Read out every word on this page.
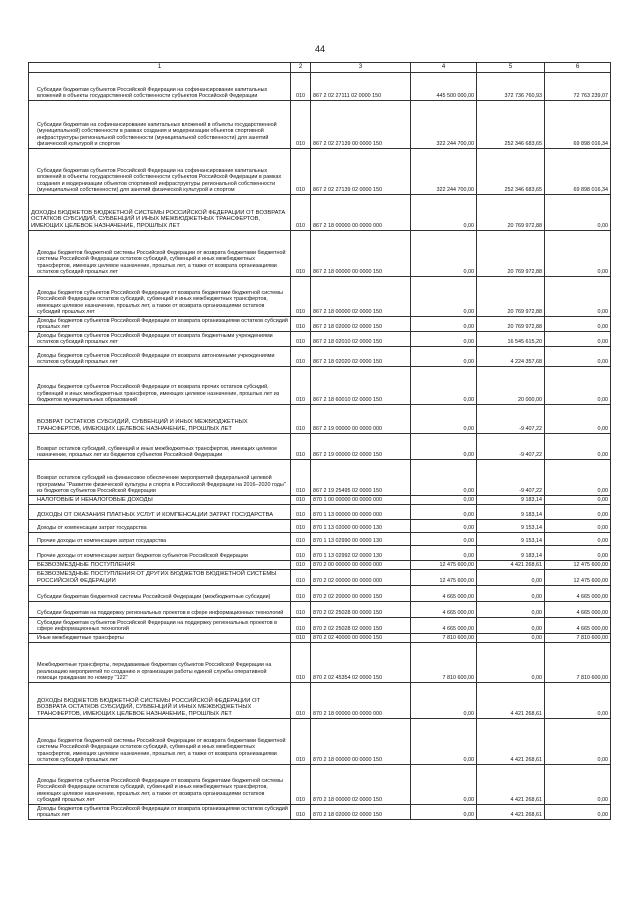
44
1	2	3	4	5	6
Субсидии бюджетам субъектов Российской Федерации на софинансирование капитальных вложений в объекты государственной собственности субъектов Российской Федерации	010	867 2 02 27111 02 0000 150	445 500 000,00	372 736 760,93	72 763 239,07
Субсидии бюджетам на софинансирование капитальных вложений в объекты государственной (муниципальной) собственности в рамках создания и модернизации объектов спортивной инфраструктуры региональной собственности (муниципальной собственности) для занятий физической культурой и спортом	010	867 2 02 27139 00 0000 150	322 244 700,00	252 346 683,65	69 898 016,34
Субсидии бюджетам субъектов Российской Федерации на софинансирование капитальных вложений в объекты государственной собственности субъектов Российской Федерации в рамках создания и модернизации объектов спортивной инфраструктуры региональной собственности (муниципальной собственности) для занятий физической культурой и спортом	010	867 2 02 27139 02 0000 150	322 244 700,00	252 346 683,65	69 898 016,34
ДОХОДЫ БЮДЖЕТОВ БЮДЖЕТНОЙ СИСТЕМЫ РОССИЙСКОЙ ФЕДЕРАЦИИ ОТ ВОЗВРАТА ОСТАТКОВ СУБСИДИЙ, СУБВЕНЦИЙ И ИНЫХ МЕЖБЮДЖЕТНЫХ ТРАНСФЕРТОВ, ИМЕЮЩИХ ЦЕЛЕВОЕ НАЗНАЧЕНИЕ, ПРОШЛЫХ ЛЕТ	010	867 2 18 00000 00 0000 000	0,00	20 769 972,88	0,00
Доходы бюджетов бюджетной системы Российской Федерации от возврата бюджетами бюджетной системы Российской Федерации остатков субсидий, субвенций и иных межбюджетных трансфертов, имеющих целевое назначение, прошлых лет, а также от возврата организациями остатков субсидий прошлых лет	010	867 2 18 00000 00 0000 150	0,00	20 769 972,88	0,00
Доходы бюджетов субъектов Российской Федерации от возврата бюджетами бюджетной системы Российской Федерации остатков субсидий, субвенций и иных межбюджетных трансфертов, имеющих целевое назначение, прошлых лет, а также от возврата организациями остатков субсидий прошлых лет	010	867 2 18 00000 02 0000 150	0,00	20 769 972,88	0,00
Доходы бюджетов субъектов Российской Федерации от возврата организациями остатков субсидий прошлых лет	010	867 2 18 02000 02 0000 150	0,00	20 769 972,88	0,00
Доходы бюджетов субъектов Российской Федерации от возврата бюджетными учреждениями остатков субсидий прошлых лет	010	867 2 18 02010 02 0000 150	0,00	16 545 615,20	0,00
Доходы бюджетов субъектов Российской Федерации от возврата автономными учреждениями остатков субсидий прошлых лет	010	867 2 18 02020 02 0000 150	0,00	4 224 357,68	0,00
Доходы бюджетов субъектов Российской Федерации от возврата прочих остатков субсидий, субвенций и иных межбюджетных трансфертов, имеющих целевое назначение, прошлых лет из бюджетов муниципальных образований	010	867 2 18 60010 02 0000 150	0,00	20 000,00	0,00
ВОЗВРАТ ОСТАТКОВ СУБСИДИЙ, СУБВЕНЦИЙ И ИНЫХ МЕЖБЮДЖЕТНЫХ ТРАНСФЕРТОВ, ИМЕЮЩИХ ЦЕЛЕВОЕ НАЗНАЧЕНИЕ, ПРОШЛЫХ ЛЕТ	010	867 2 19 00000 00 0000 000	0,00	-9 407,22	0,00
Возврат остатков субсидий, субвенций и иных межбюджетных трансфертов, имеющих целевое назначение, прошлых лет из бюджетов субъектов Российской Федерации	010	867 2 19 00000 02 0000 150	0,00	-9 407,22	0,00
Возврат остатков субсидий на финансовое обеспечение мероприятий федеральной целевой программы "Развитие физической культуры и спорта в Российской Федерации на 2016–2020 годы" из бюджетов субъектов Российской Федерации	010	867 2 19 25495 02 0000 150	0,00	-9 407,22	0,00
НАЛОГОВЫЕ И НЕНАЛОГОВЫЕ ДОХОДЫ	010	870 1 00 00000 00 0000 000	0,00	9 183,14	0,00
ДОХОДЫ ОТ ОКАЗАНИЯ ПЛАТНЫХ УСЛУГ И КОМПЕНСАЦИИ ЗАТРАТ ГОСУДАРСТВА	010	870 1 13 00000 00 0000 000	0,00	9 183,14	0,00
Доходы от компенсации затрат государства	010	870 1 13 02000 00 0000 130	0,00	9 153,14	0,00
Прочие доходы от компенсации затрат государства	010	870 1 13 02990 00 0000 130	0,00	9 153,14	0,00
Прочие доходы от компенсации затрат бюджетов субъектов Российской Федерации	010	870 1 13 02992 02 0000 130	0,00	9 183,14	0,00
БЕЗВОЗМЕЗДНЫЕ ПОСТУПЛЕНИЯ	010	870 2 00 00000 00 0000 000	12 475 600,00	4 421 268,61	12 475 600,00
БЕЗВОЗМЕЗДНЫЕ ПОСТУПЛЕНИЯ ОТ ДРУГИХ БЮДЖЕТОВ БЮДЖЕТНОЙ СИСТЕМЫ РОССИЙСКОЙ ФЕДЕРАЦИИ	010	870 2 02 00000 00 0000 000	12 475 600,00	0,00	12 475 600,00
Субсидии бюджетам бюджетной системы Российской Федерации (межбюджетные субсидии)	010	870 2 02 20000 00 0000 150	4 665 000,00	0,00	4 665 000,00
Субсидии бюджетам на поддержку региональных проектов в сфере информационных технологий	010	870 2 02 25028 00 0000 150	4 665 000,00	0,00	4 665 000,00
Субсидии бюджетам субъектов Российской Федерации на поддержку региональных проектов в сфере информационных технологий	010	870 2 02 25028 02 0000 150	4 665 000,00	0,00	4 665 000,00
Иные межбюджетные трансферты	010	870 2 02 40000 00 0000 150	7 810 600,00	0,00	7 810 600,00
Межбюджетные трансферты, передаваемые бюджетам субъектов Российской Федерации на реализацию мероприятий по созданию и организации работы единой службы оперативной помощи гражданам по номеру "122"	010	870 2 02 45354 02 0000 150	7 810 600,00	0,00	7 810 600,00
ДОХОДЫ БЮДЖЕТОВ БЮДЖЕТНОЙ СИСТЕМЫ РОССИЙСКОЙ ФЕДЕРАЦИИ ОТ ВОЗВРАТА ОСТАТКОВ СУБСИДИЙ, СУБВЕНЦИЙ И ИНЫХ МЕЖБЮДЖЕТНЫХ ТРАНСФЕРТОВ, ИМЕЮЩИХ ЦЕЛЕВОЕ НАЗНАЧЕНИЕ, ПРОШЛЫХ ЛЕТ	010	870 2 18 00000 00 0000 000	0,00	4 421 268,61	0,00
Доходы бюджетов бюджетной системы Российской Федерации от возврата бюджетами бюджетной системы Российской Федерации остатков субсидий, субвенций и иных межбюджетных трансфертов, имеющих целевое назначение, прошлых лет, а также от возврата организациями остатков субсидий прошлых лет	010	870 2 18 00000 00 0000 150	0,00	4 421 268,61	0,00
Доходы бюджетов субъектов Российской Федерации от возврата бюджетами бюджетной системы Российской Федерации остатков субсидий, субвенций и иных межбюджетных трансфертов, имеющих целевое назначение, прошлых лет, а также от возврата организациями остатков субсидий прошлых лет	010	870 2 18 00000 02 0000 150	0,00	4 421 268,61	0,00
Доходы бюджетов субъектов Российской Федерации от возврата организациями остатков субсидий прошлых лет	010	870 2 18 02000 02 0000 150	0,00	4 421 268,61	0,00
